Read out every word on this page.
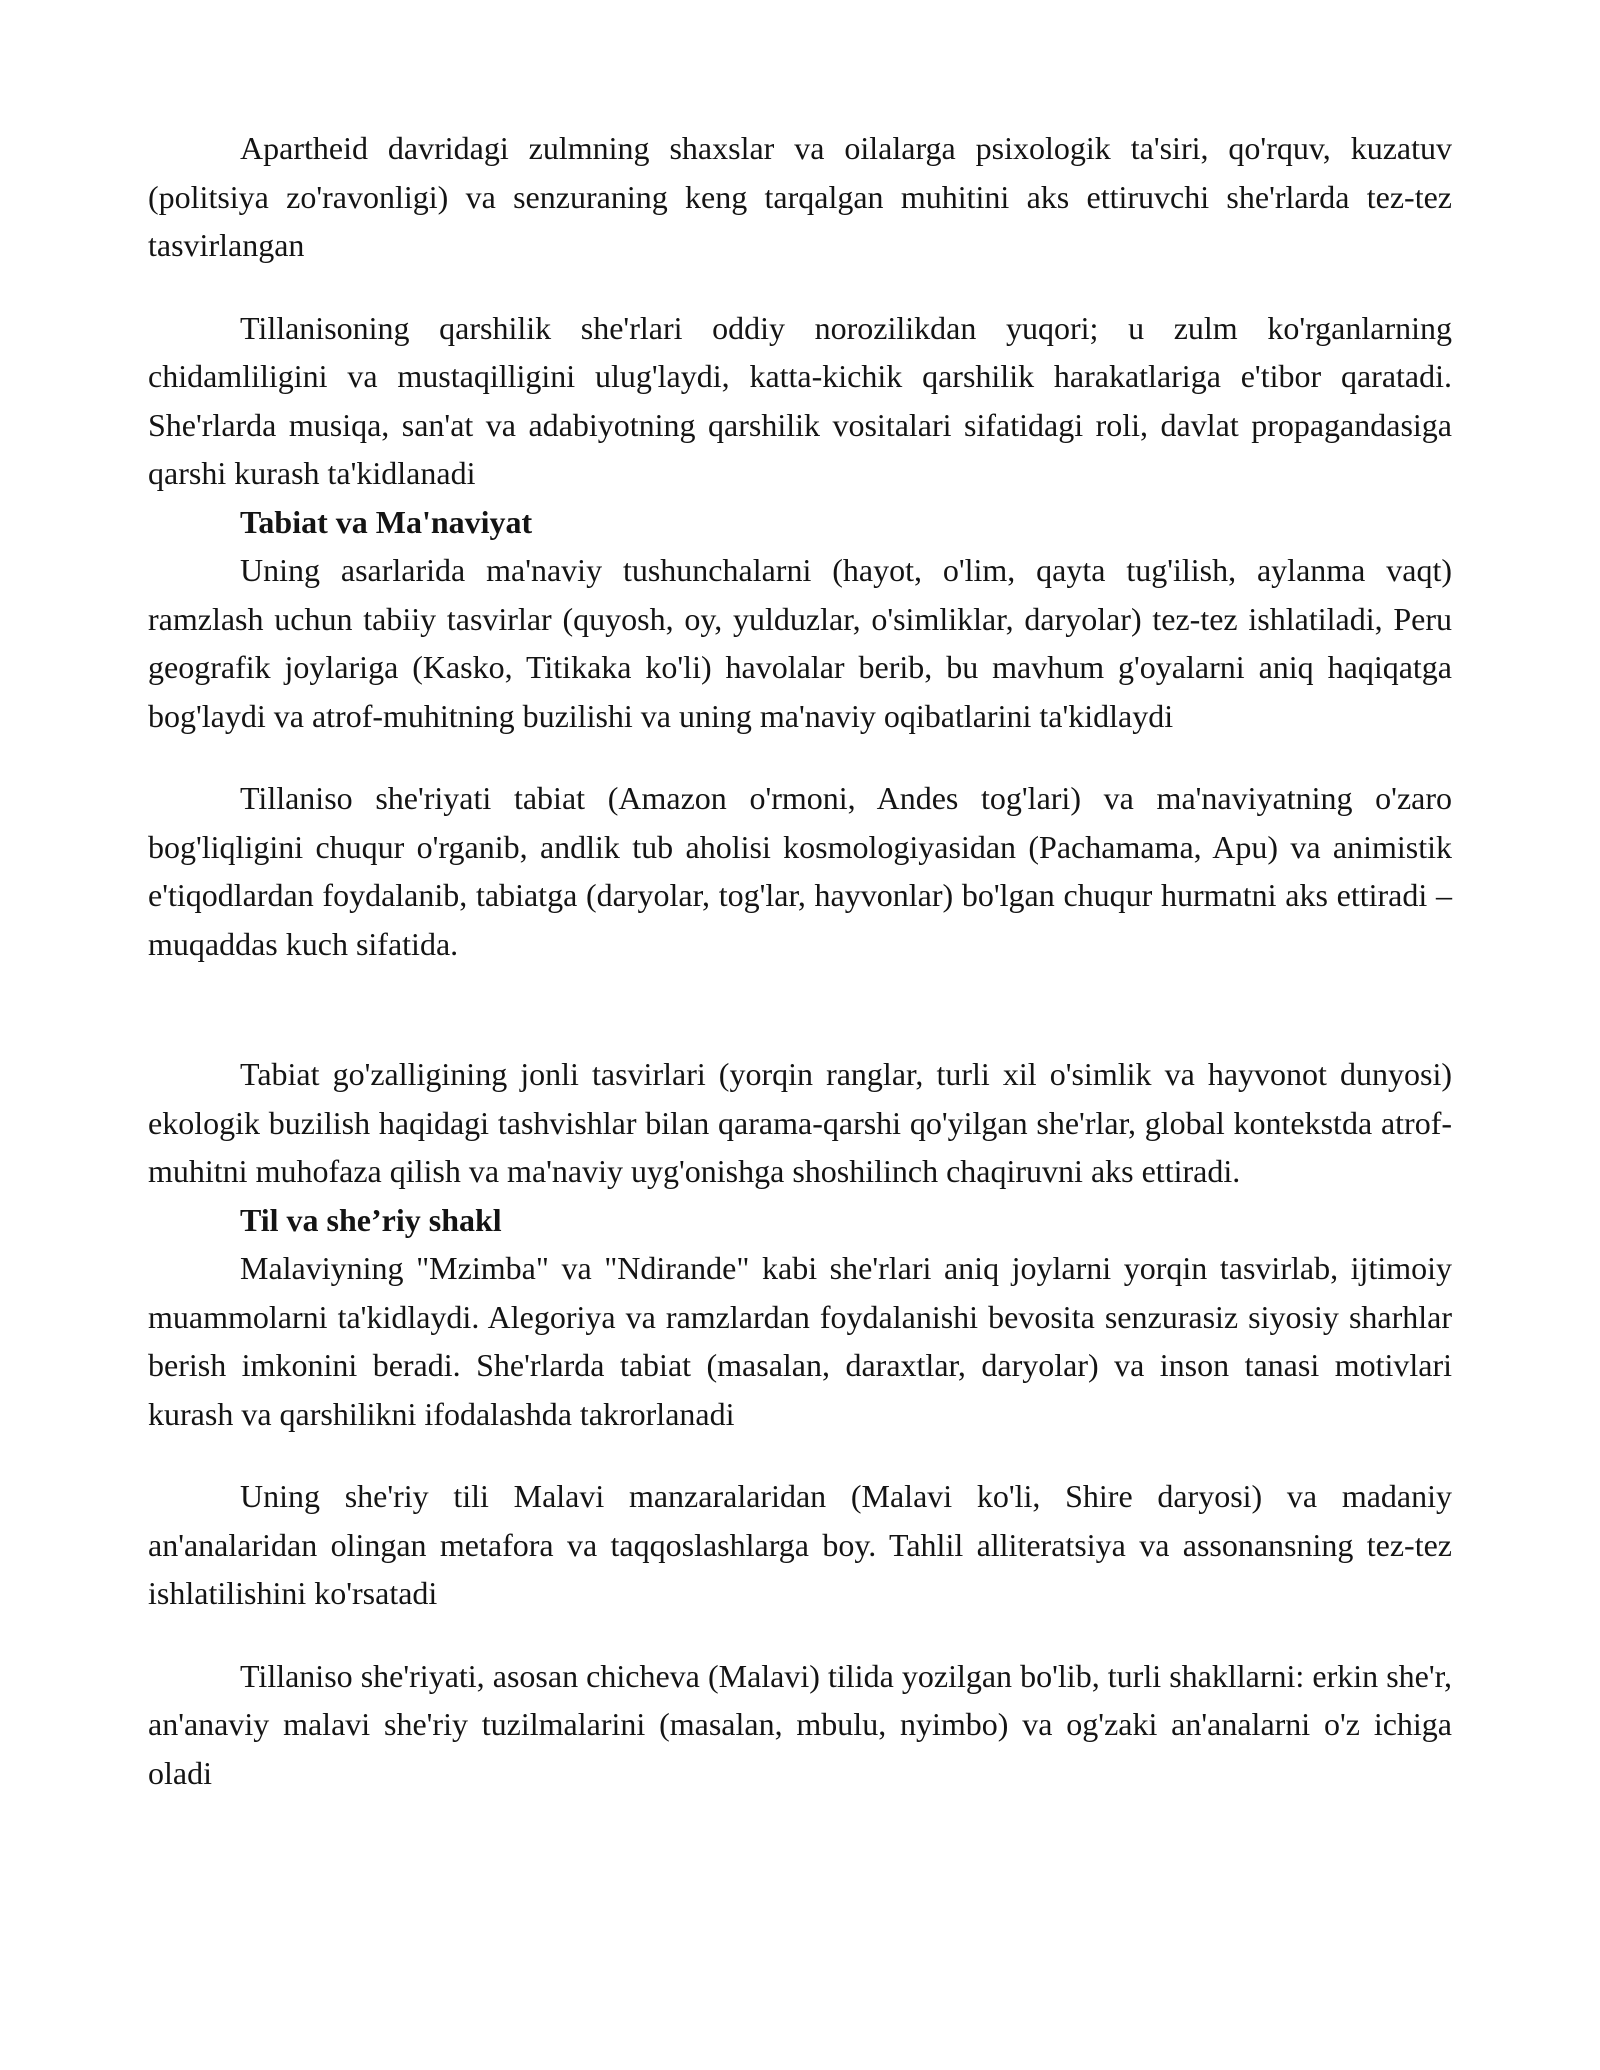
Apartheid davridagi zulmning shaxslar va oilalarga psixologik ta'siri, qo'rquv, kuzatuv (politsiya zo'ravonligi) va senzuraning keng tarqalgan muhitini aks ettiruvchi she'rlarda tez-tez tasvirlangan

Tillanisoning qarshilik she'rlari oddiy norozilikdan yuqori; u zulm ko'rganlarning chidamliligini va mustaqilligini ulug'laydi, katta-kichik qarshilik harakatlariga e'tibor qaratadi. She'rlarda musiqa, san'at va adabiyotning qarshilik vositalari sifatidagi roli, davlat propagandasiga qarshi kurash ta'kidlanadi

Tabiat va Ma'naviyat

Uning asarlarida ma'naviy tushunchalarni (hayot, o'lim, qayta tug'ilish, aylanma vaqt) ramzlash uchun tabiiy tasvirlar (quyosh, oy, yulduzlar, o'simliklar, daryolar) tez-tez ishlatiladi, Peru geografik joylariga (Kasko, Titikaka ko'li) havolalar berib, bu mavhum g'oyalarni aniq haqiqatga bog'laydi va atrof-muhitning buzilishi va uning ma'naviy oqibatlarini ta'kidlaydi

Tillaniso she'riyati tabiat (Amazon o'rmoni, Andes tog'lari) va ma'naviyatning o'zaro bog'liqligini chuqur o'rganib, andlik tub aholisi kosmologiyasidan (Pachamama, Apu) va animistik e'tiqodlardan foydalanib, tabiatga (daryolar, tog'lar, hayvonlar) bo'lgan chuqur hurmatni aks ettiradi – muqaddas kuch sifatida.

Tabiat go'zalligining jonli tasvirlari (yorqin ranglar, turli xil o'simlik va hayvonot dunyosi) ekologik buzilish haqidagi tashvishlar bilan qarama-qarshi qo'yilgan she'rlar, global kontekstda atrof-muhitni muhofaza qilish va ma'naviy uyg'onishga shoshilinch chaqiruvni aks ettiradi.

Til va she’riy shakl

Malaviyning "Mzimba" va "Ndirande" kabi she'rlari aniq joylarni yorqin tasvirlab, ijtimoiy muammolarni ta'kidlaydi. Alegoriya va ramzlardan foydalanishi bevosita senzurasiz siyosiy sharhlar berish imkonini beradi. She'rlarda tabiat (masalan, daraxtlar, daryolar) va inson tanasi motivlari kurash va qarshilikni ifodalashda takrorlanadi

Uning she'riy tili Malavi manzaralaridan (Malavi ko'li, Shire daryosi) va madaniy an'analaridan olingan metafora va taqqoslashlarga boy. Tahlil alliteratsiya va assonansning tez-tez ishlatilishini ko'rsatadi

Tillaniso she'riyati, asosan chicheva (Malavi) tilida yozilgan bo'lib, turli shakllarni: erkin she'r, an'anaviy malavi she'riy tuzilmalarini (masalan, mbulu, nyimbo) va og'zaki an'analarni o'z ichiga oladi
